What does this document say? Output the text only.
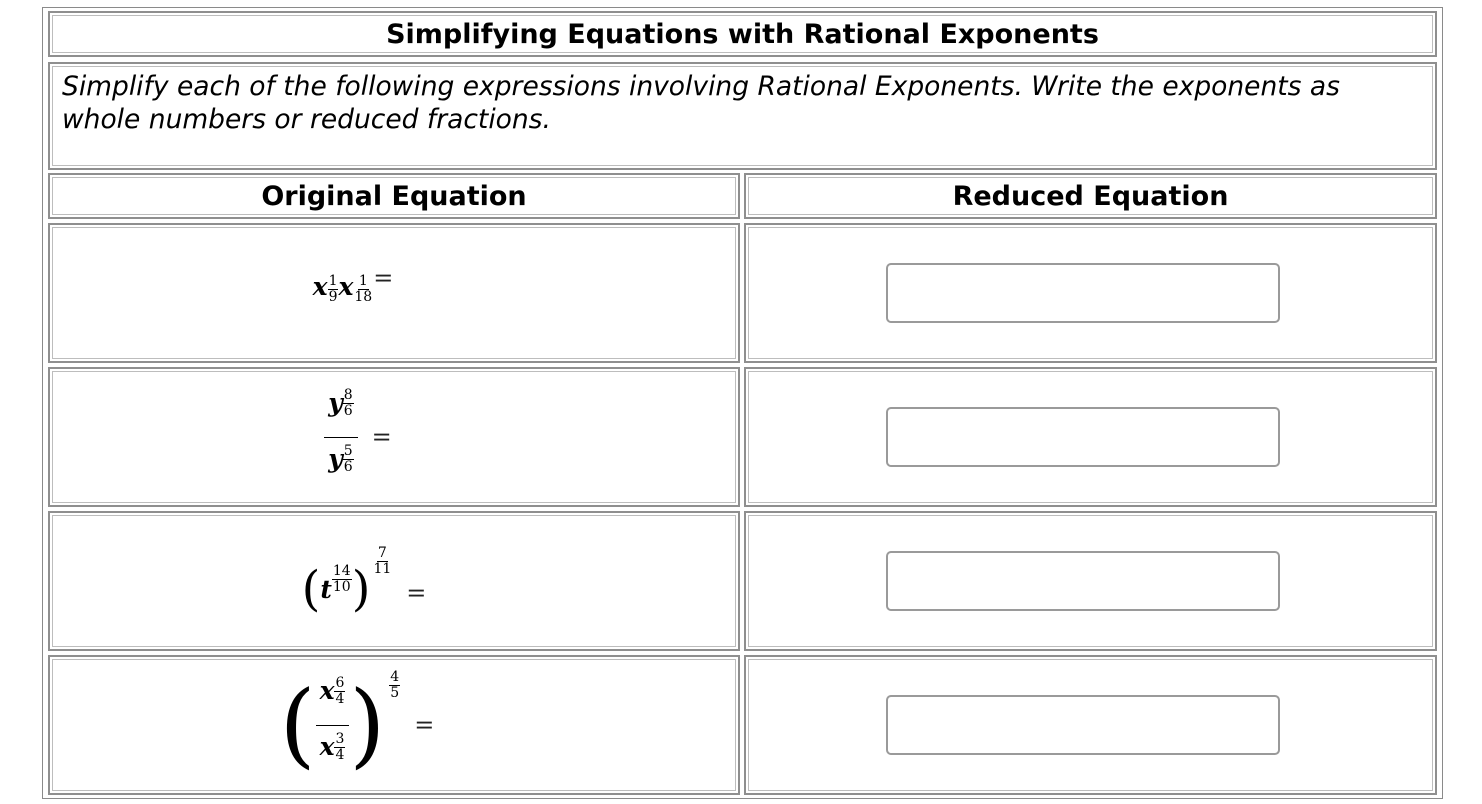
Simplifying Equations with Rational Exponents
Simplify each of the following expressions involving Rational Exponents. Write the exponents as whole numbers or reduced fractions.
Original Equation	Reduced Equation
x $\frac{1}{9}$ x $\frac{1}{18}$ =
$\frac{y \frac{8}{6}}{y \frac{5}{6}}$ =
( t
14
10 ) $\frac{7}{11}$
=
( x $\frac{6}{4}$
x $\frac{3}{4}$ ) $\frac{4}{5}$
=
